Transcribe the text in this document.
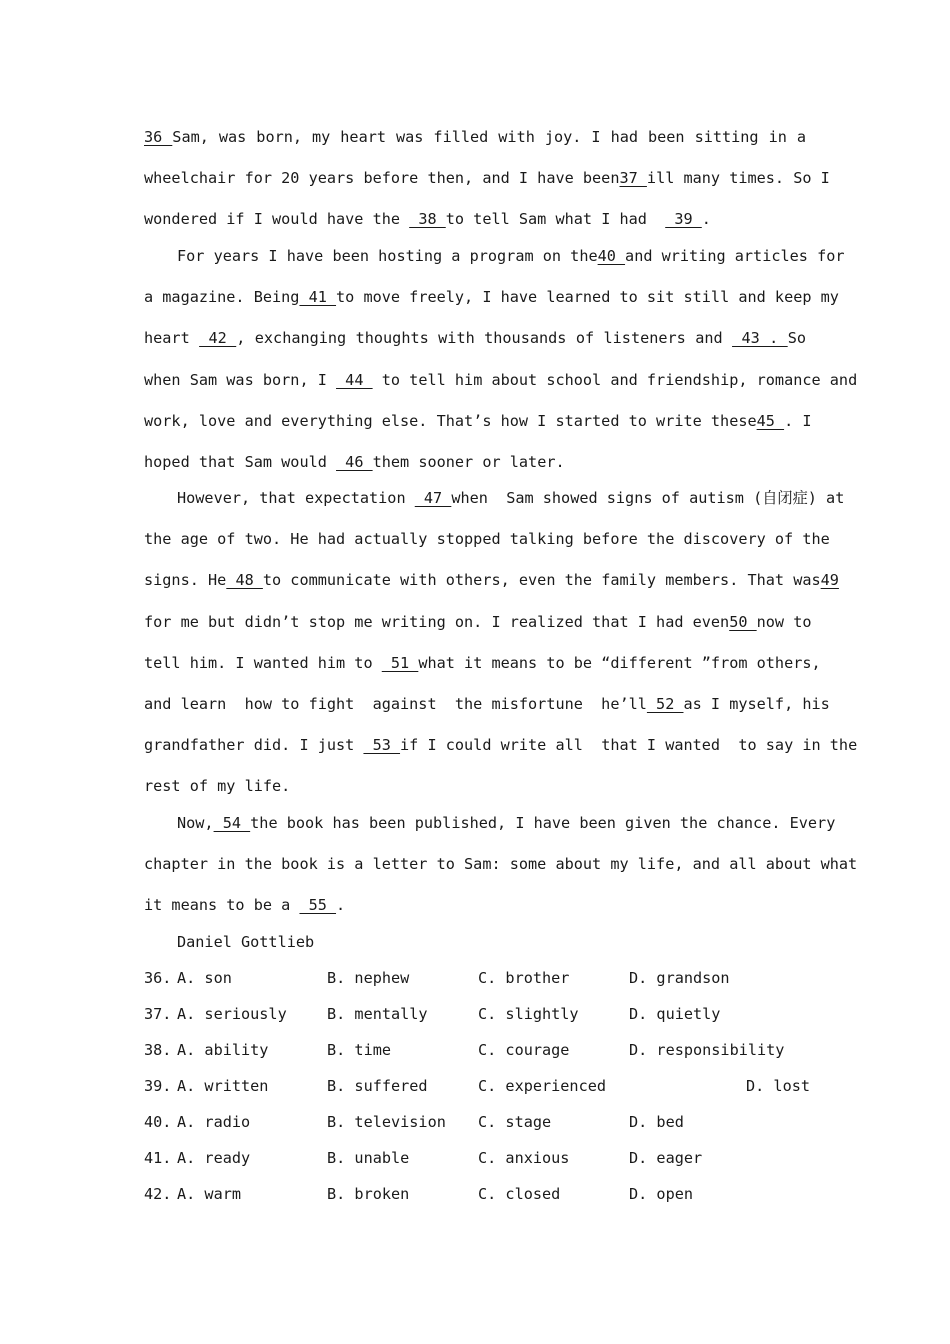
36 Sam, was born, my heart was filled with joy. I had been sitting in a
wheelchair for 20 years before then, and I have been37 ill many times. So I
wondered if I would have the  38 to tell Sam what I had   39 .
For years I have been hosting a program on the40 and writing articles for
a magazine. Being 41 to move freely, I have learned to sit still and keep my
heart  42 , exchanging thoughts with thousands of listeners and  43 . So
when Sam was born, I  44  to tell him about school and friendship, romance and
work, love and everything else. That’s how I started to write these45 . I
hoped that Sam would  46 them sooner or later.
However, that expectation  47 when  Sam showed signs of autism (自闭症) at
the age of two. He had actually stopped talking before the discovery of the
signs. He 48 to communicate with others, even the family members. That was49
for me but didn’t stop me writing on. I realized that I had even50 now to
tell him. I wanted him to  51 what it means to be “different ”from others,
and learn  how to fight  against  the misfortune  he’ll 52 as I myself, his
grandfather did. I just  53 if I could write all  that I wanted  to say in the
rest of my life.
Now, 54 the book has been published, I have been given the chance. Every
chapter in the book is a letter to Sam: some about my life, and all about what
it means to be a  55 .
Daniel Gottlieb
36. A. son	B. nephew	C. brother	D. grandson
37. A. seriously	B. mentally	C. slightly	D. quietly
38. A. ability	B. time	C. courage	D. responsibility
39. A. written	B. suffered	C. experienced	D. lost
40. A. radio	B. television C. stage	D. bed
41. A. ready	B. unable	C. anxious	D. eager
42. A. warm	B. broken	C. closed	D. open
